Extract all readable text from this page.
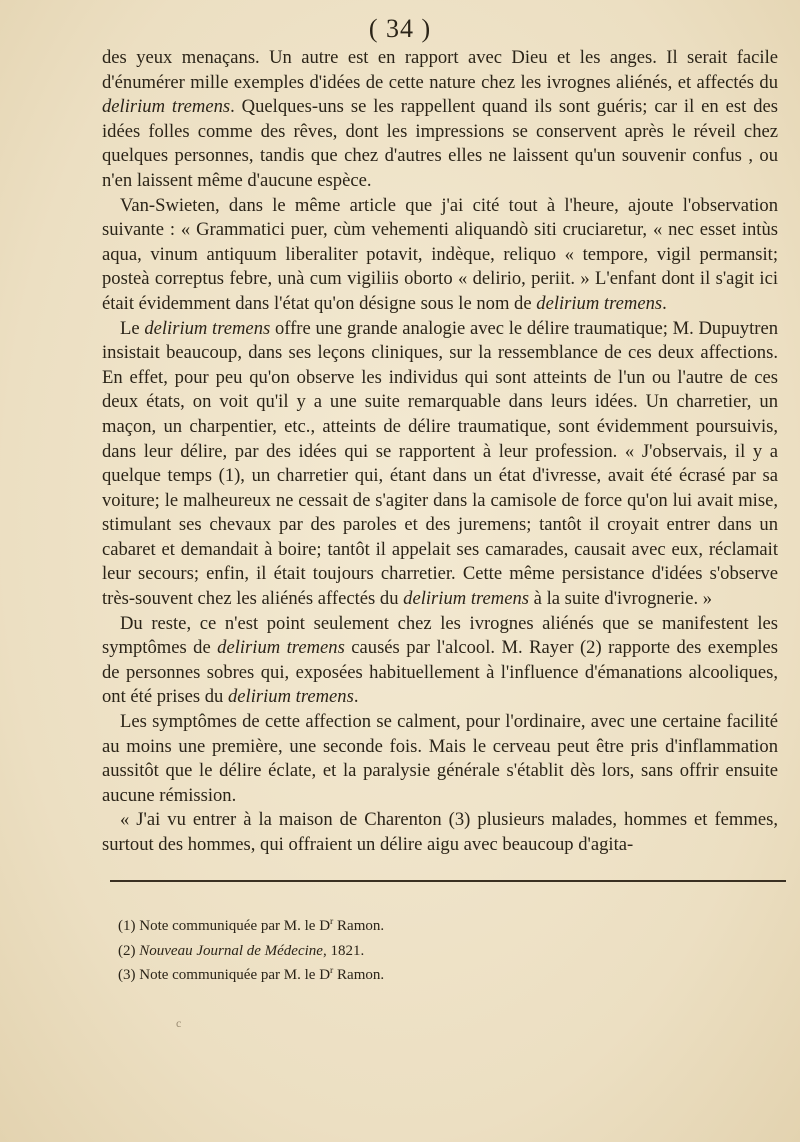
( 34 )

des yeux menaçans. Un autre est en rapport avec Dieu et les anges. Il serait facile d'énumérer mille exemples d'idées de cette nature chez les ivrognes aliénés, et affectés du delirium tremens. Quelques-uns se les rappellent quand ils sont guéris; car il en est des idées folles comme des rêves, dont les impressions se conservent après le réveil chez quelques personnes, tandis que chez d'autres elles ne laissent qu'un souvenir confus , ou n'en laissent même d'aucune espèce.

Van-Swieten, dans le même article que j'ai cité tout à l'heure, ajoute l'observation suivante : « Grammatici puer, cùm vehementi aliquandò siti cruciaretur, « nec esset intùs aqua, vinum antiquum liberaliter potavit, indèque, reliquo « tempore, vigil permansit; posteà correptus febre, unà cum vigiliis oborto « delirio, periit. » L'enfant dont il s'agit ici était évidemment dans l'état qu'on désigne sous le nom de delirium tremens.

Le delirium tremens offre une grande analogie avec le délire traumatique; M. Dupuytren insistait beaucoup, dans ses leçons cliniques, sur la ressemblance de ces deux affections. En effet, pour peu qu'on observe les individus qui sont atteints de l'un ou l'autre de ces deux états, on voit qu'il y a une suite remarquable dans leurs idées. Un charretier, un maçon, un charpentier, etc., atteints de délire traumatique, sont évidemment poursuivis, dans leur délire, par des idées qui se rapportent à leur profession. « J'observais, il y a quelque temps (1), un charretier qui, étant dans un état d'ivresse, avait été écrasé par sa voiture; le malheureux ne cessait de s'agiter dans la camisole de force qu'on lui avait mise, stimulant ses chevaux par des paroles et des juremens; tantôt il croyait entrer dans un cabaret et demandait à boire; tantôt il appelait ses camarades, causait avec eux, réclamait leur secours; enfin, il était toujours charretier. Cette même persistance d'idées s'observe très-souvent chez les aliénés affectés du delirium tremens à la suite d'ivrognerie. »

Du reste, ce n'est point seulement chez les ivrognes aliénés que se manifestent les symptômes de delirium tremens causés par l'alcool. M. Rayer (2) rapporte des exemples de personnes sobres qui, exposées habituellement à l'influence d'émanations alcooliques, ont été prises du delirium tremens.

Les symptômes de cette affection se calment, pour l'ordinaire, avec une certaine facilité au moins une première, une seconde fois. Mais le cerveau peut être pris d'inflammation aussitôt que le délire éclate, et la paralysie générale s'établit dès lors, sans offrir ensuite aucune rémission.

« J'ai vu entrer à la maison de Charenton (3) plusieurs malades, hommes et femmes, surtout des hommes, qui offraient un délire aigu avec beaucoup d'agita-

(1) Note communiquée par M. le $D^r$ Ramon.
(2) Nouveau Journal de Médecine, 1821.
(3) Note communiquée par M. le $D^r$ Ramon.
c
